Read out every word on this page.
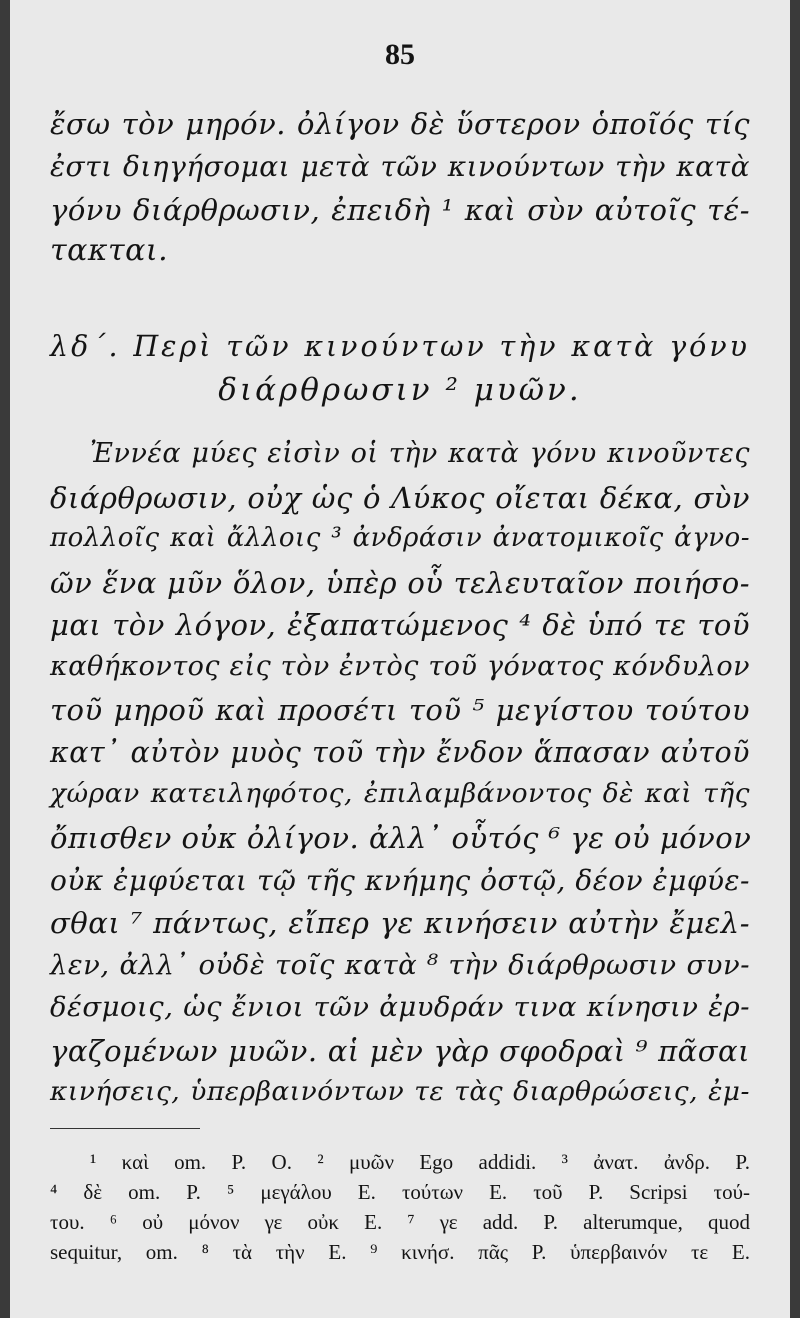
85
ἔσω τὸν μηρόν. ὀλίγον δὲ ὕστερον ὁποῖός τίς
ἐστι διηγήσομαι μετὰ τῶν κινούντων τὴν κατὰ
γόνυ διάρθρωσιν, ἐπειδὴ ¹ καὶ σὺν αὐτοῖς τέ-
τακται.
λδ΄. Περὶ τῶν κινούντων τὴν κατὰ γόνυ
διάρθρωσιν ² μυῶν.
Ἐννέα μύες εἰσὶν οἱ τὴν κατὰ γόνυ κινοῦντες
διάρθρωσιν, οὐχ ὡς ὁ Λύκος οἴεται δέκα, σὺν
πολλοῖς καὶ ἄλλοις ³ ἀνδράσιν ἀνατομικοῖς ἀγνο-
ῶν ἕνα μῦν ὅλον, ὑπὲρ οὗ τελευταῖον ποιήσο-
μαι τὸν λόγον, ἐξαπατώμενος ⁴ δὲ ὑπό τε τοῦ
καθήκοντος εἰς τὸν ἐντὸς τοῦ γόνατος κόνδυλον
τοῦ μηροῦ καὶ προσέτι τοῦ ⁵ μεγίστου τούτου
κατ᾽ αὐτὸν μυὸς τοῦ τὴν ἔνδον ἅπασαν αὐτοῦ
χώραν κατειληφότος, ἐπιλαμβάνοντος δὲ καὶ τῆς
ὄπισθεν οὐκ ὀλίγον. ἀλλ᾽ οὗτός ⁶ γε οὐ μόνον
οὐκ ἐμφύεται τῷ τῆς κνήμης ὀστῷ, δέον ἐμφύε-
σθαι ⁷ πάντως, εἴπερ γε κινήσειν αὐτὴν ἔμελ-
λεν, ἀλλ᾽ οὐδὲ τοῖς κατὰ ⁸ τὴν διάρθρωσιν συν-
δέσμοις, ὡς ἔνιοι τῶν ἀμυδράν τινα κίνησιν ἐρ-
γαζομένων μυῶν. αἱ μὲν γὰρ σφοδραὶ ⁹ πᾶσαι
κινήσεις, ὑπερβαινόντων τε τὰς διαρθρώσεις, ἐμ-
¹ καὶ om. P. O. ² μυῶν Ego addidi. ³ ἀνατ. ἀνδρ. P.
⁴ δὲ om. P. ⁵ μεγάλου E. τούτων E. τοῦ P. Scripsi τού-
του. ⁶ οὐ μόνον γε οὐκ E. ⁷ γε add. P. alterumque, quod
sequitur, om. ⁸ τὰ τὴν E. ⁹ κινήσ. πᾶς P. ὑπερβαινόν τε E.
